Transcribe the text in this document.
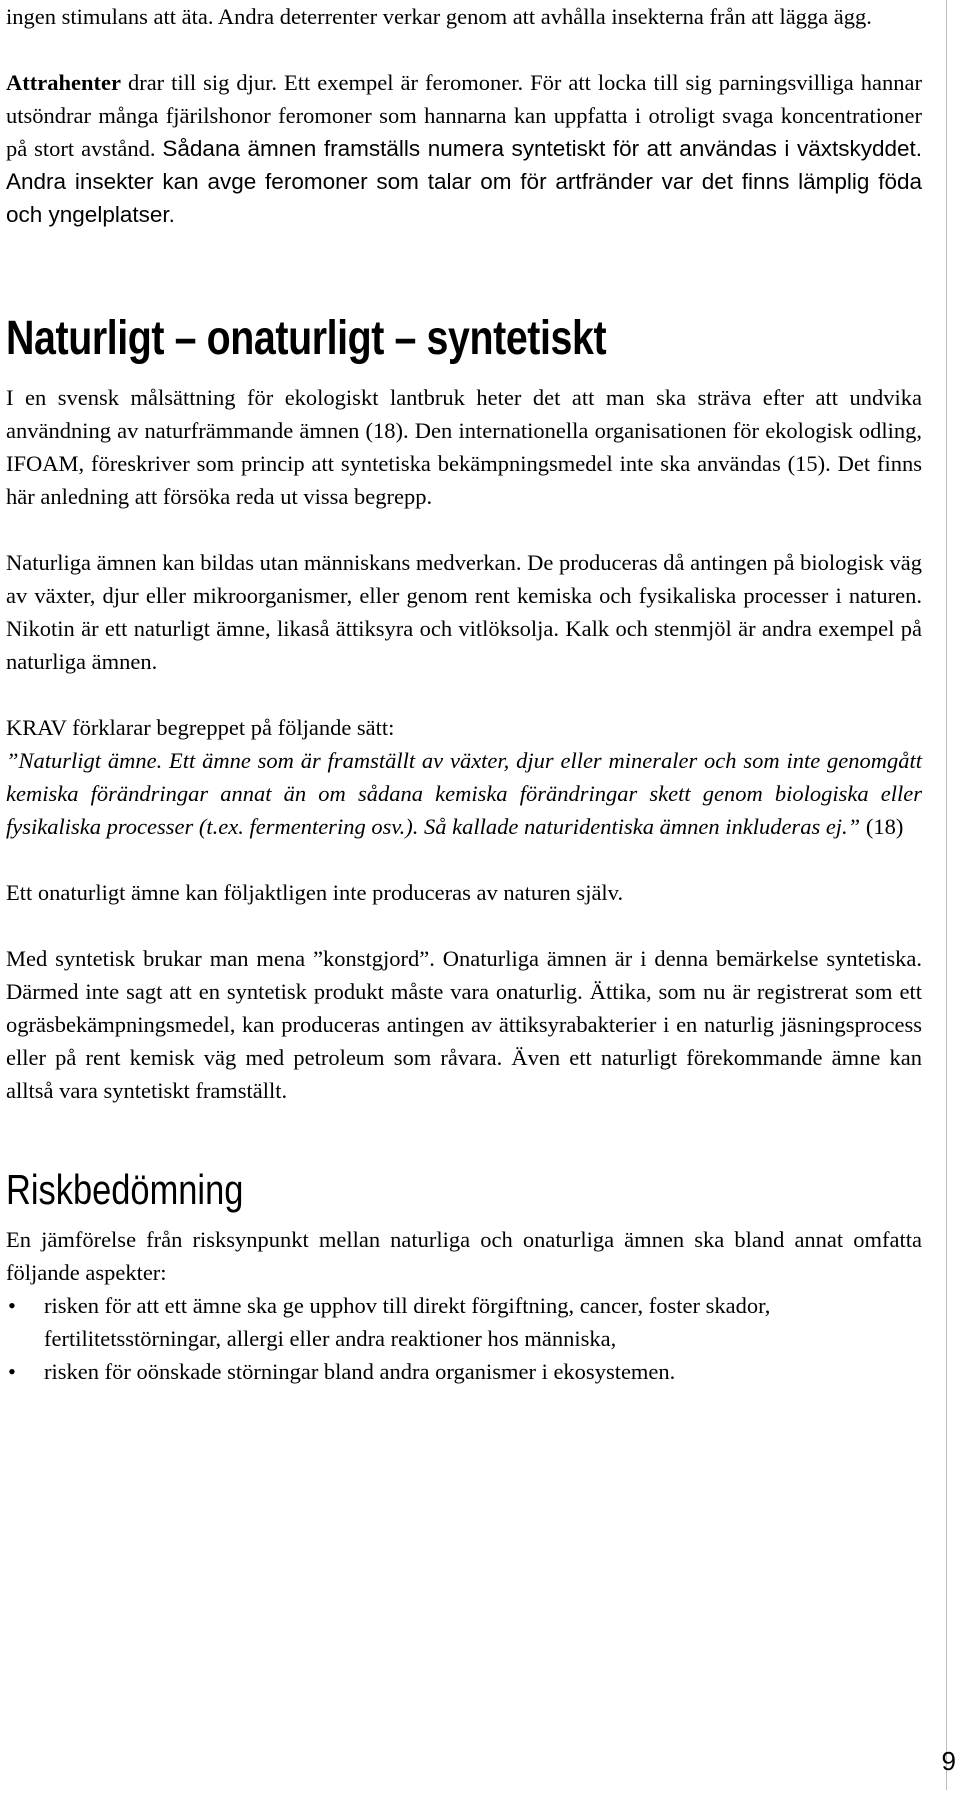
ingen stimulans att äta. Andra deterrenter verkar genom att avhålla insekterna från att lägga ägg.

Attrahenter drar till sig djur. Ett exempel är feromoner. För att locka till sig parningsvilliga hannar utsöndrar många fjärilshonor feromoner som hannarna kan uppfatta i otroligt svaga koncentrationer på stort avstånd. Sådana ämnen framställs numera syntetiskt för att användas i växtskyddet. Andra insekter kan avge feromoner som talar om för artfränder var det finns lämplig föda och yngelplatser.

Naturligt – onaturligt – syntetiskt

I en svensk målsättning för ekologiskt lantbruk heter det att man ska sträva efter att undvika användning av naturfrämmande ämnen (18). Den internationella organisationen för ekologisk odling, IFOAM, föreskriver som princip att syntetiska bekämpningsmedel inte ska användas (15). Det finns här anledning att försöka reda ut vissa begrepp.

Naturliga ämnen kan bildas utan människans medverkan. De produceras då antingen på biologisk väg av växter, djur eller mikroorganismer, eller genom rent kemiska och fysikaliska processer i naturen. Nikotin är ett naturligt ämne, likaså ättiksyra och vitlöksolja. Kalk och stenmjöl är andra exempel på naturliga ämnen.

KRAV förklarar begreppet på följande sätt:

”Naturligt ämne. Ett ämne som är framställt av växter, djur eller mineraler och som inte genomgått kemiska förändringar annat än om sådana kemiska förändringar skett genom biologiska eller fysikaliska processer (t.ex. fermentering osv.). Så kallade naturidentiska ämnen inkluderas ej.” (18)

Ett onaturligt ämne kan följaktligen inte produceras av naturen själv.

Med syntetisk brukar man mena ”konstgjord”. Onaturliga ämnen är i denna bemärkelse syntetiska. Därmed inte sagt att en syntetisk produkt måste vara onaturlig. Ättika, som nu är registrerat som ett ogräsbekämpningsmedel, kan produceras antingen av ättiksyrabakterier i en naturlig jäsningsprocess eller på rent kemisk väg med petroleum som råvara. Även ett naturligt förekommande ämne kan alltså vara syntetiskt framställt.

Riskbedömning

En jämförelse från risksynpunkt mellan naturliga och onaturliga ämnen ska bland annat omfatta följande aspekter:

• risken för att ett ämne ska ge upphov till direkt förgiftning, cancer, foster skador, fertilitetsstörningar, allergi eller andra reaktioner hos människa,
• risken för oönskade störningar bland andra organismer i ekosystemen.
9
